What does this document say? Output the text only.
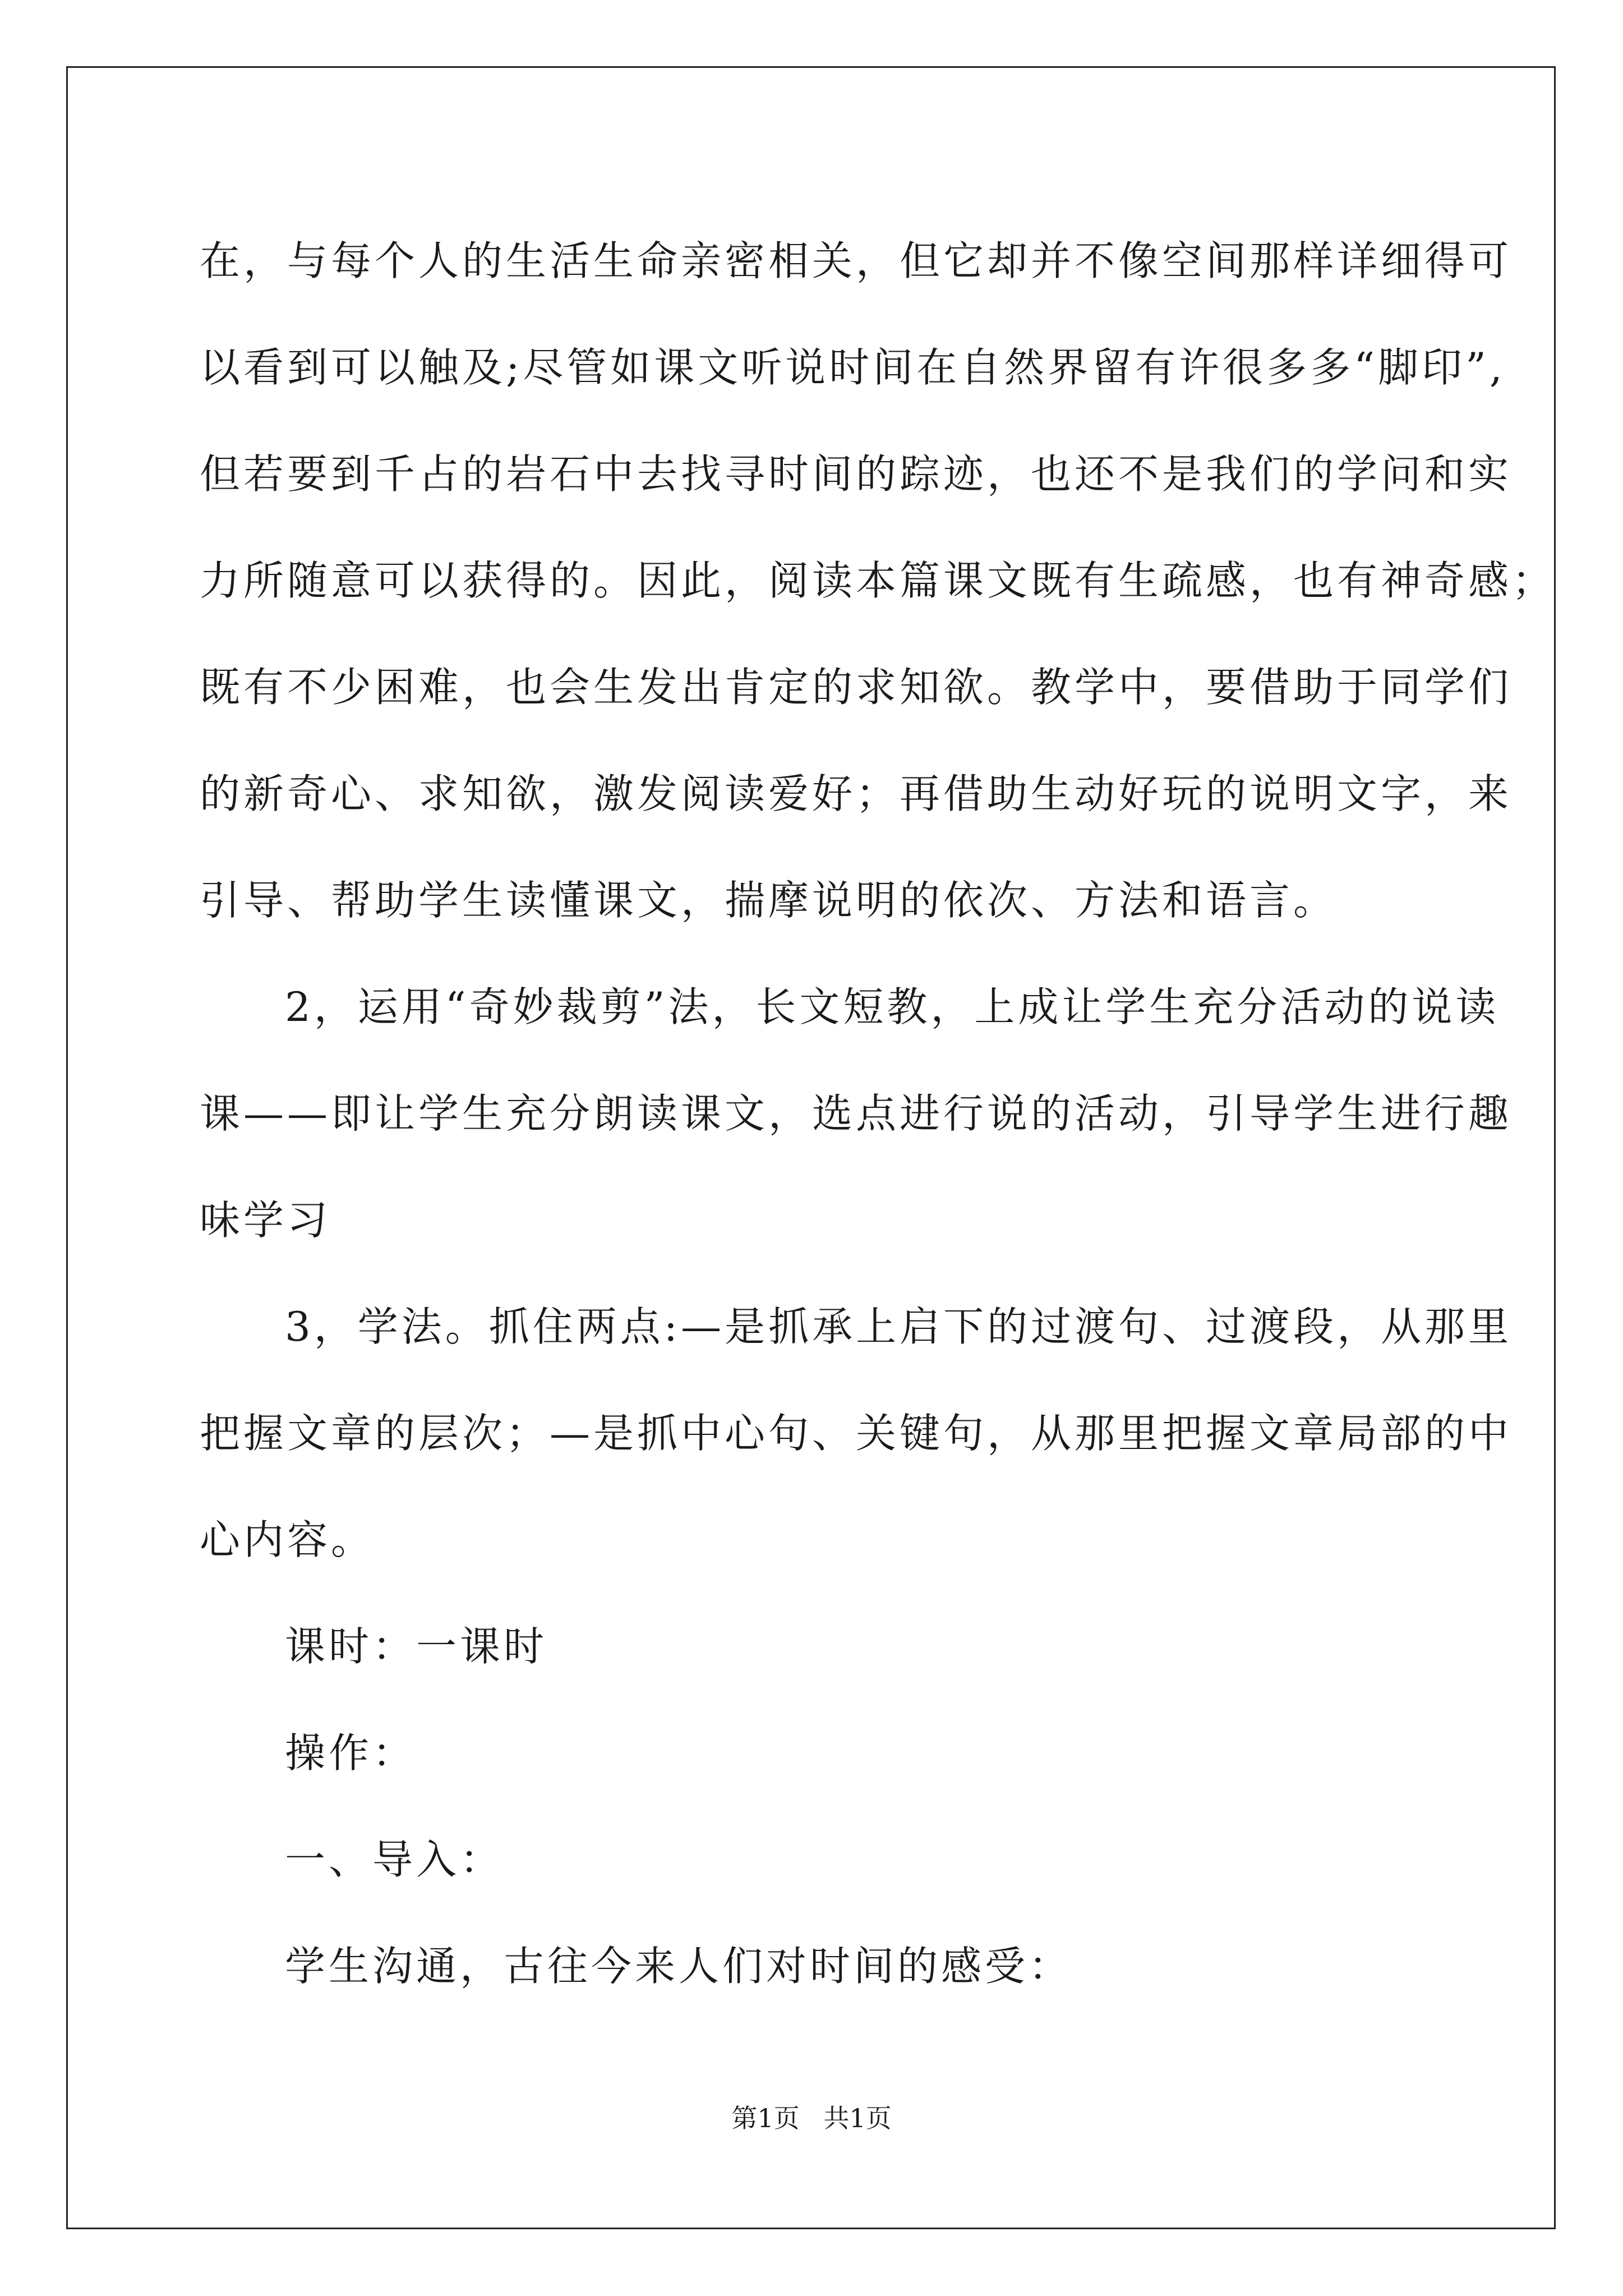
在，与每个人的生活生命亲密相关，但它却并不像空间那样详细得可

以看到可以触及;尽管如课文听说时间在自然界留有许很多多“脚印”,

但若要到千占的岩石中去找寻时间的踪迹，也还不是我们的学问和实

力所随意可以获得的。因此，阅读本篇课文既有生疏感，也有神奇感；

既有不少困难，也会生发出肯定的求知欲。教学中，要借助于同学们

的新奇心、求知欲，激发阅读爱好；再借助生动好玩的说明文字，来

引导、帮助学生读懂课文，揣摩说明的依次、方法和语言。

2，运用“奇妙裁剪”法，长文短教，上成让学生充分活动的说读

课——即让学生充分朗读课文，选点进行说的活动，引导学生进行趣

味学习

3，学法。抓住两点:—是抓承上启下的过渡句、过渡段，从那里

把握文章的层次；—是抓中心句、关键句，从那里把握文章局部的中

心内容。

课时：一课时

操作：

一、导入：

学生沟通，古往今来人们对时间的感受：

第1页 共1页
